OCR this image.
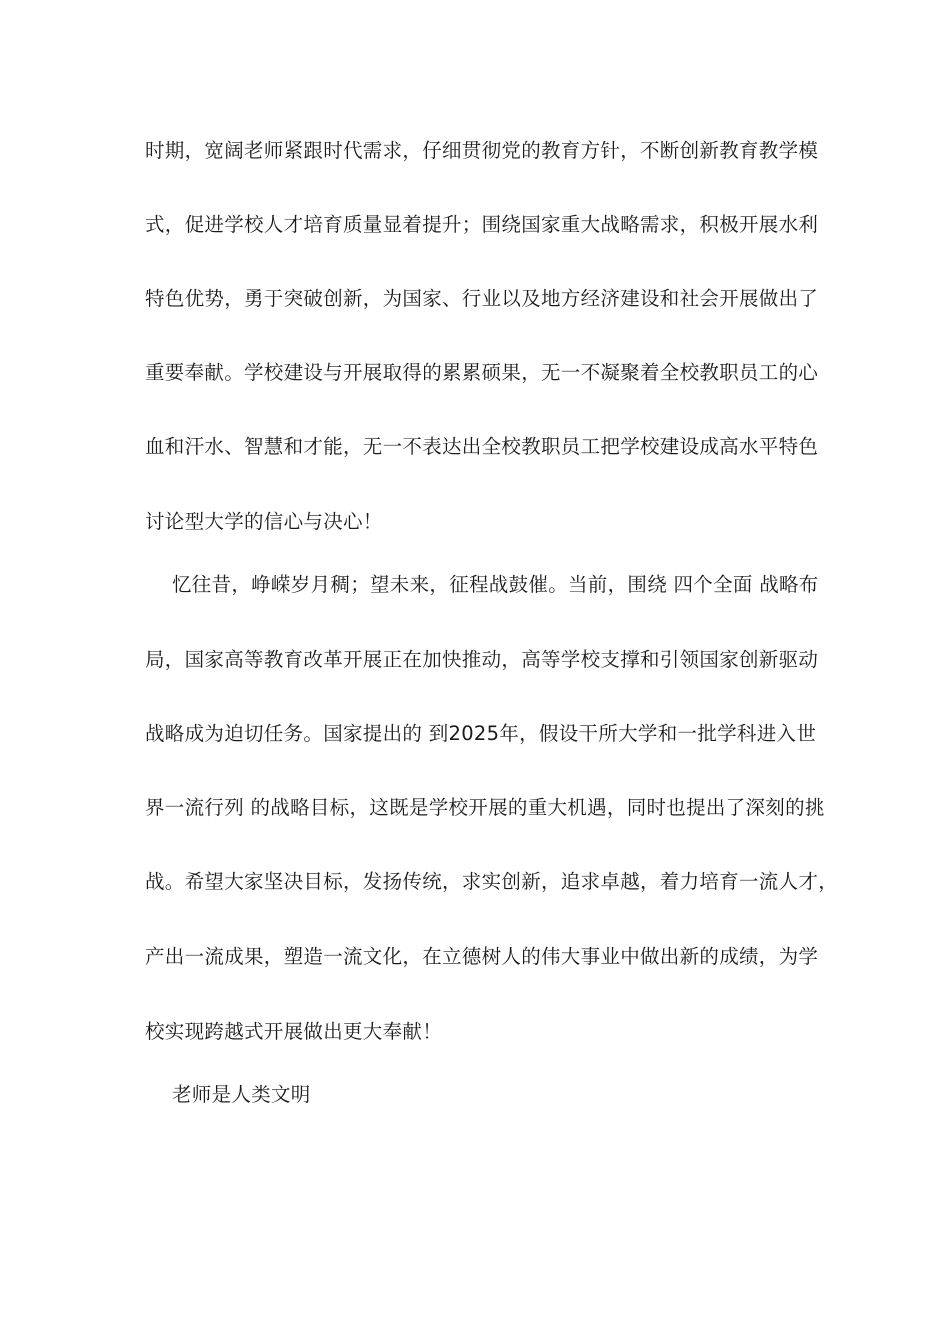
时期，宽阔老师紧跟时代需求，仔细贯彻党的教育方针，不断创新教育教学模
式，促进学校人才培育质量显着提升；围绕国家重大战略需求，积极开展水利
特色优势，勇于突破创新，为国家、行业以及地方经济建设和社会开展做出了
重要奉献。学校建设与开展取得的累累硕果，无一不凝聚着全校教职员工的心
血和汗水、智慧和才能，无一不表达出全校教职员工把学校建设成高水平特色
讨论型大学的信心与决心！
忆往昔，峥嵘岁月稠；望未来，征程战鼓催。当前，围绕 四个全面 战略布
局，国家高等教育改革开展正在加快推动，高等学校支撑和引领国家创新驱动
战略成为迫切任务。国家提出的 到2025年，假设干所大学和一批学科进入世
界一流行列 的战略目标，这既是学校开展的重大机遇，同时也提出了深刻的挑
战。希望大家坚决目标，发扬传统，求实创新，追求卓越，着力培育一流人才，
产出一流成果，塑造一流文化，在立德树人的伟大事业中做出新的成绩，为学
校实现跨越式开展做出更大奉献！
老师是人类文明
